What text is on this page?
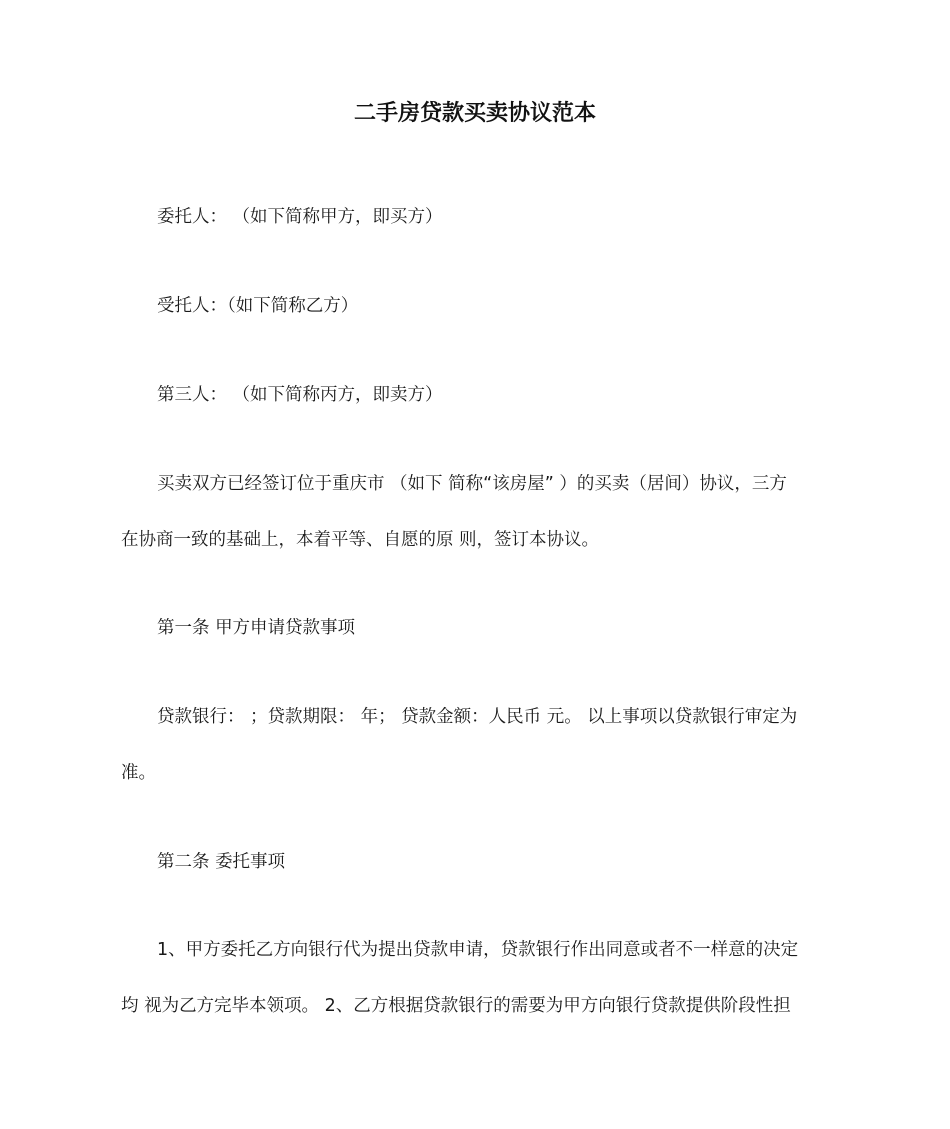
二手房贷款买卖协议范本
委托人： （如下简称甲方，即买方）
受托人：（如下简称乙方）
第三人： （如下简称丙方，即卖方）
买卖双方已经签订位于重庆市 （如下 简称“该房屋” ）的买卖（居间）协议，三方
在协商一致的基础上，本着平等、自愿的原 则，签订本协议。
第一条 甲方申请贷款事项
贷款银行： ；贷款期限： 年； 贷款金额：人民币 元。 以上事项以贷款银行审定为
准。
第二条 委托事项
1、甲方委托乙方向银行代为提出贷款申请，贷款银行作出同意或者不一样意的决定
均 视为乙方完毕本领项。 2、乙方根据贷款银行的需要为甲方向银行贷款提供阶段性担
